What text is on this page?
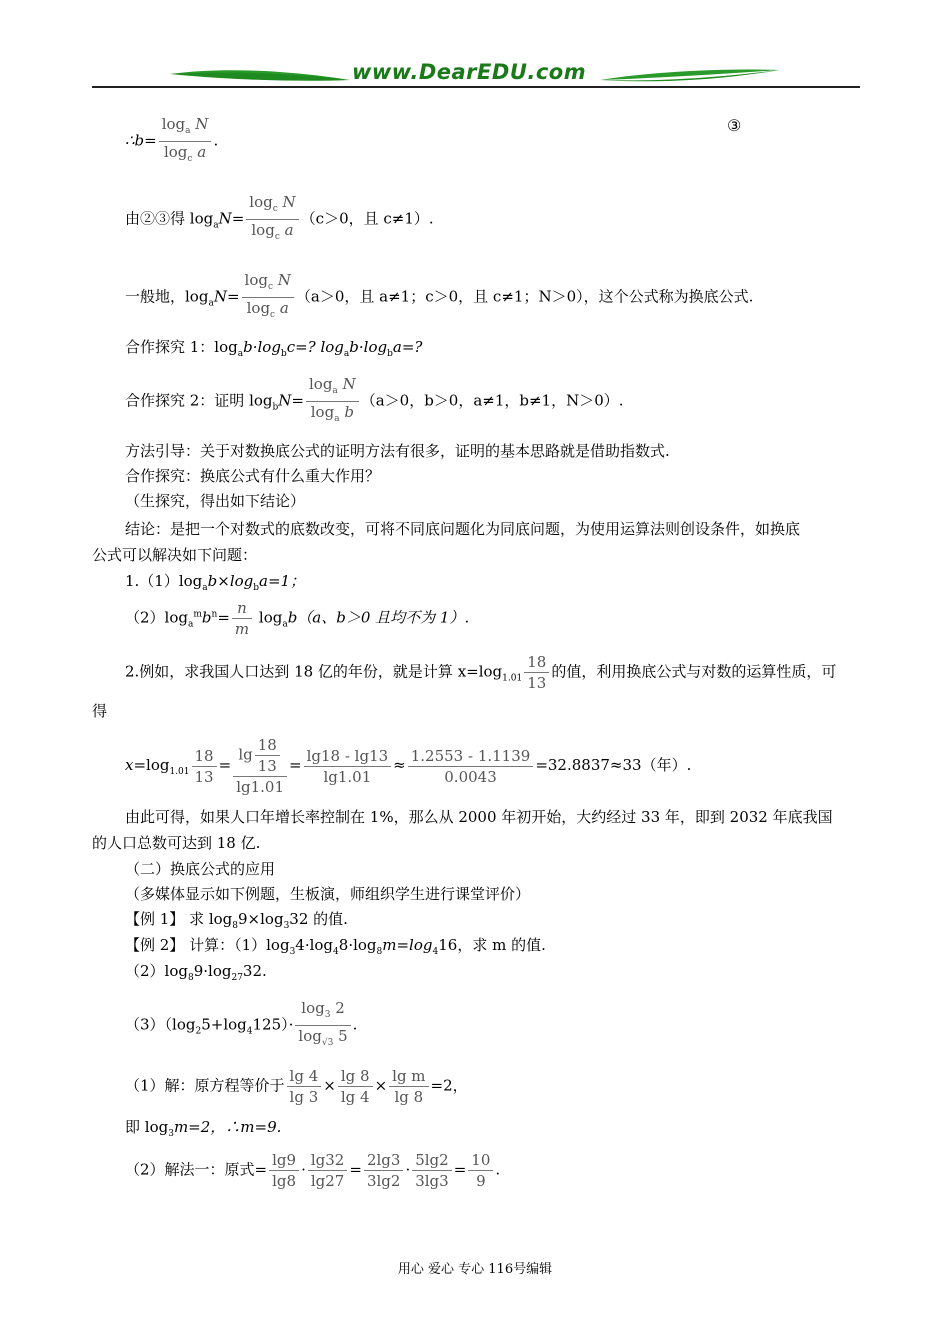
www.DearEDU.com
∴b= $\frac{\log_a N}{\log_c a}$ .
③
由②③得 $\log_aN= \frac{\log_c N}{\log_c a} (c>0$，且 c≠1）.
一般地，$\log_aN= \frac{\log_c N}{\log_c a} (a>0$，且 a≠1；c＞0，且 c≠1；N＞0），这个公式称为换底公式.
合作探究 1：$\log_ab\cdot\log_bc=$? $\log_ab\cdot\log_ba=$?
合作探究 2：证明 $\log_bN= \frac{\log_a N}{\log_a b} (a>0$，b＞0，a≠1，b≠1，N＞0）.
方法引导：关于对数换底公式的证明方法有很多，证明的基本思路就是借助指数式.
合作探究：换底公式有什么重大作用？
（生探究，得出如下结论）
结论：是把一个对数式的底数改变，可将不同底问题化为同底问题，为使用运算法则创设条件，如换底
公式可以解决如下问题：
$1.(1)\log_ab\times\log_ba=1$；
$(2)\log_a^mb^n= \frac{n}{m} \log_ab(a$、b＞0 且均不为 1）.
2.例如，求我国人口达到 18 亿的年份，就是计算 $x=\log_{1.01} \frac{18}{13}$ 的值，利用换底公式与对数的运算性质，可
得
$x=\log_{1.01} \frac{18}{13} = \frac{\lg \frac{18}{13}}{\lg 1.01} = \frac{\lg 18 - \lg 13}{\lg 1.01} \approx \frac{1.2553 - 1.1139}{0.0043} =32.8837\approx 33$（年）.
由此可得，如果人口年增长率控制在 1%，那么从 2000 年初开始，大约经过 33 年，即到 2032 年底我国
的人口总数可达到 18 亿.
（二）换底公式的应用
（多媒体显示如下例题，生板演，师组织学生进行课堂评价）
【例 1】 求 $\log_89\times\log_332$ 的值.
【例 2】 计算：$(1)\log_34\cdot\log_48\cdot\log_8m=\log_416$，求 m 的值.
$(2)\log_89\cdot\log_{27}32$.
$(3)(\log_25+\log_4125)\cdot \frac{\log_3 2}{\log_{√3} 5}$ .
（1）解：原方程等价于 $\frac{\lg 4}{\lg 3} \times \frac{\lg 8}{\lg 4} \times \frac{\text{lg m}}{\lg 8} =2$，
即 $\log_3m=2$，∴m=9.
（2）解法一：原式= $\frac{\lg 9}{\lg 8} \cdot \frac{\lg 32}{\lg 27} = \frac{2\lg 3}{3\lg 2} \cdot \frac{5\lg 2}{3\lg 3} = \frac{10}{9}$ .
用心 爱心 专心 116号编辑
